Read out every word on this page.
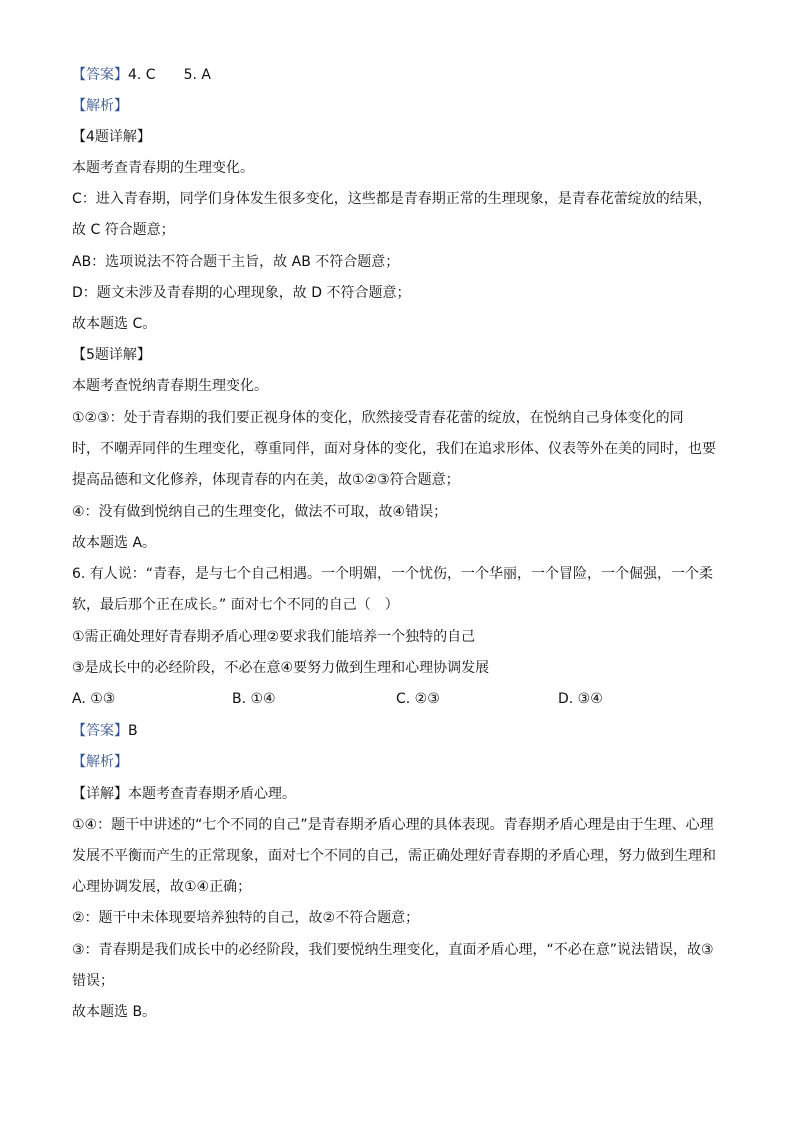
【答案】4. C　　5. A
【解析】
【4题详解】
本题考查青春期的生理变化。
C：进入青春期，同学们身体发生很多变化，这些都是青春期正常的生理现象，是青春花蕾绽放的结果，
故 C 符合题意；
AB：选项说法不符合题干主旨，故 AB 不符合题意；
D：题文未涉及青春期的心理现象，故 D 不符合题意；
故本题选 C。
【5题详解】
本题考查悦纳青春期生理变化。
①②③：处于青春期的我们要正视身体的变化，欣然接受青春花蕾的绽放，在悦纳自己身体变化的同
时，不嘲弄同伴的生理变化，尊重同伴，面对身体的变化，我们在追求形体、仪表等外在美的同时，也要
提高品德和文化修养，体现青春的内在美，故①②③符合题意；
④：没有做到悦纳自己的生理变化，做法不可取，故④错误；
故本题选 A。
6. 有人说：“青春，是与七个自己相遇。一个明媚，一个忧伤，一个华丽，一个冒险，一个倔强，一个柔
软，最后那个正在成长。” 面对七个不同的自己（　）
①需正确处理好青春期矛盾心理②要求我们能培养一个独特的自己
③是成长中的必经阶段，不必在意④要努力做到生理和心理协调发展
A. ①③	B. ①④	C. ②③	D. ③④
【答案】B
【解析】
【详解】本题考查青春期矛盾心理。
①④：题干中讲述的“七个不同的自己”是青春期矛盾心理的具体表现。青春期矛盾心理是由于生理、心理
发展不平衡而产生的正常现象，面对七个不同的自己，需正确处理好青春期的矛盾心理，努力做到生理和
心理协调发展，故①④正确；
②：题干中未体现要培养独特的自己，故②不符合题意；
③：青春期是我们成长中的必经阶段，我们要悦纳生理变化，直面矛盾心理，“不必在意”说法错误，故③
错误；
故本题选 B。
